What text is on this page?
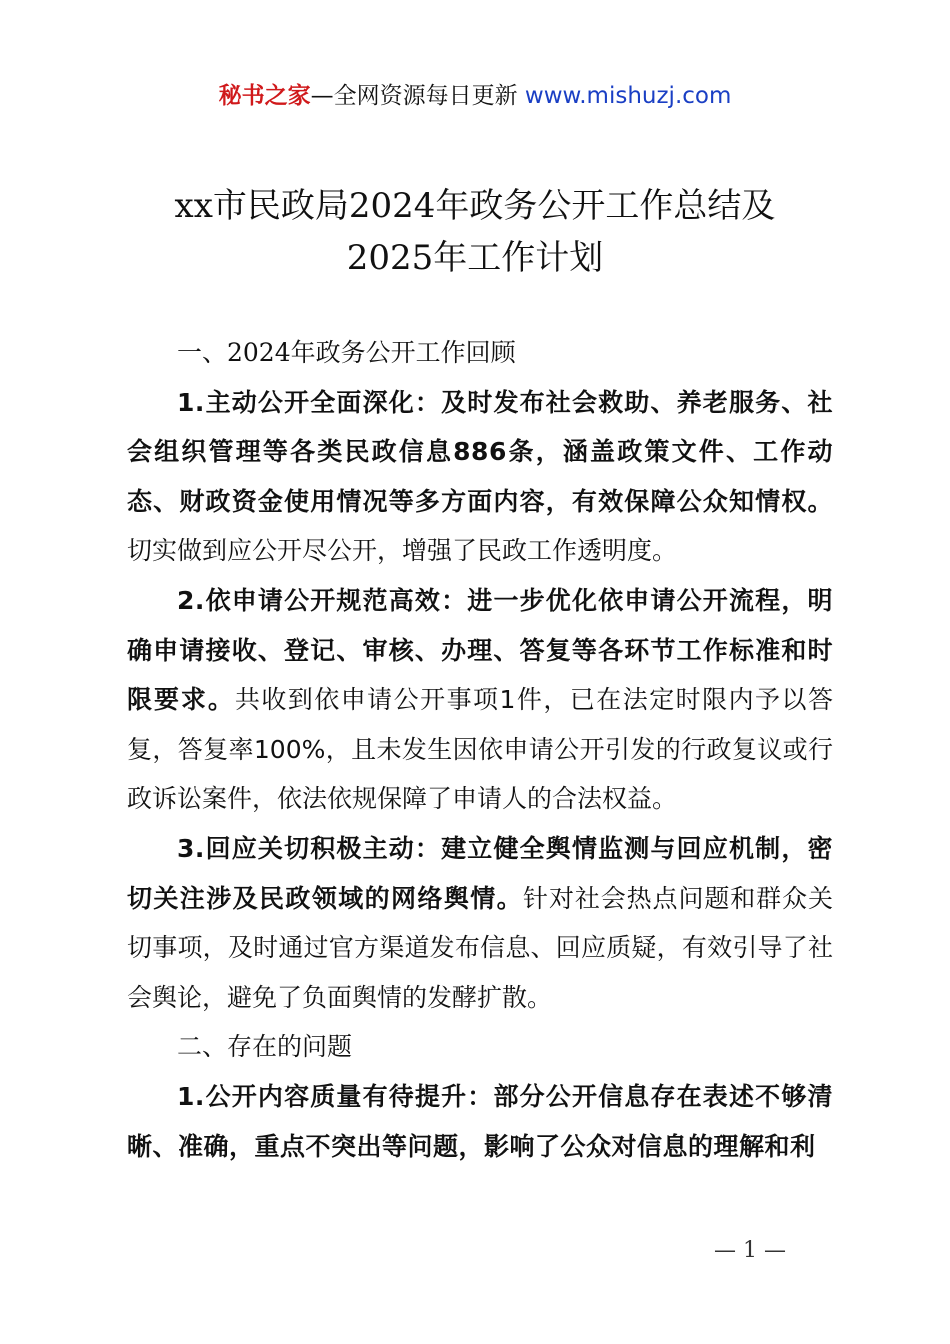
秘书之家—全网资源每日更新 www.mishuzj.com
xx市民政局2024年政务公开工作总结及
2025年工作计划

一、2024年政务公开工作回顾

1.主动公开全面深化：及时发布社会救助、养老服务、社会组织管理等各类民政信息886条，涵盖政策文件、工作动态、财政资金使用情况等多方面内容，有效保障公众知情权。切实做到应公开尽公开，增强了民政工作透明度。

2.依申请公开规范高效：进一步优化依申请公开流程，明确申请接收、登记、审核、办理、答复等各环节工作标准和时限要求。共收到依申请公开事项1件，已在法定时限内予以答复，答复率100%，且未发生因依申请公开引发的行政复议或行政诉讼案件，依法依规保障了申请人的合法权益。

3.回应关切积极主动：建立健全舆情监测与回应机制，密切关注涉及民政领域的网络舆情。针对社会热点问题和群众关切事项，及时通过官方渠道发布信息、回应质疑，有效引导了社会舆论，避免了负面舆情的发酵扩散。

二、存在的问题

1.公开内容质量有待提升：部分公开信息存在表述不够清晰、准确，重点不突出等问题，影响了公众对信息的理解和利

— 1 —
